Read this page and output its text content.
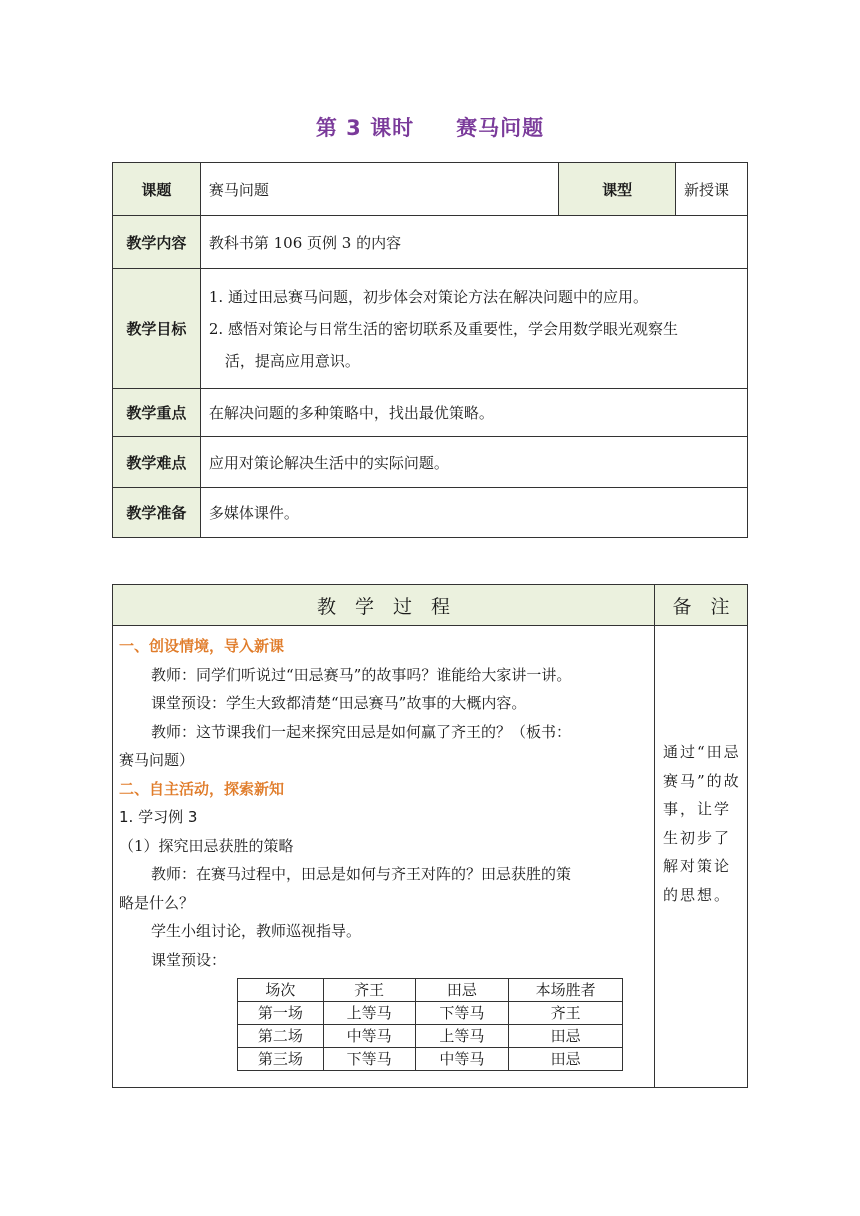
第 3 课时 赛马问题
课题	赛马问题	课型	新授课
教学内容	教科书第 106 页例 3 的内容		
教学目标	1. 通过田忌赛马问题，初步体会对策论方法在解决问题中的应用。
2. 感悟对策论与日常生活的密切联系及重要性，学会用数学眼光观察生
活，提高应用意识。		

教学重点	在解决问题的多种策略中，找出最优策略。		
教学难点	应用对策论解决生活中的实际问题。		
教学准备	多媒体课件。		
教　学　过　程	备　注

一、创设情境，导入新课
教师：同学们听说过“田忌赛马”的故事吗？谁能给大家讲一讲。
课堂预设：学生大致都清楚“田忌赛马”故事的大概内容。
教师：这节课我们一起来探究田忌是如何赢了齐王的？（板书：
赛马问题）
二、自主活动，探索新知
1. 学习例 3
（1）探究田忌获胜的策略
教师：在赛马过程中，田忌是如何与齐王对阵的？田忌获胜的策
略是什么？
学生小组讨论，教师巡视指导。
课堂预设：
场次	齐王	田忌	本场胜者
第一场	上等马	下等马	齐王
第二场	中等马	上等马	田忌
第三场	下等马	中等马	田忌

通过“田忌赛马”的故事，让学生初步了解对策论的思想。
